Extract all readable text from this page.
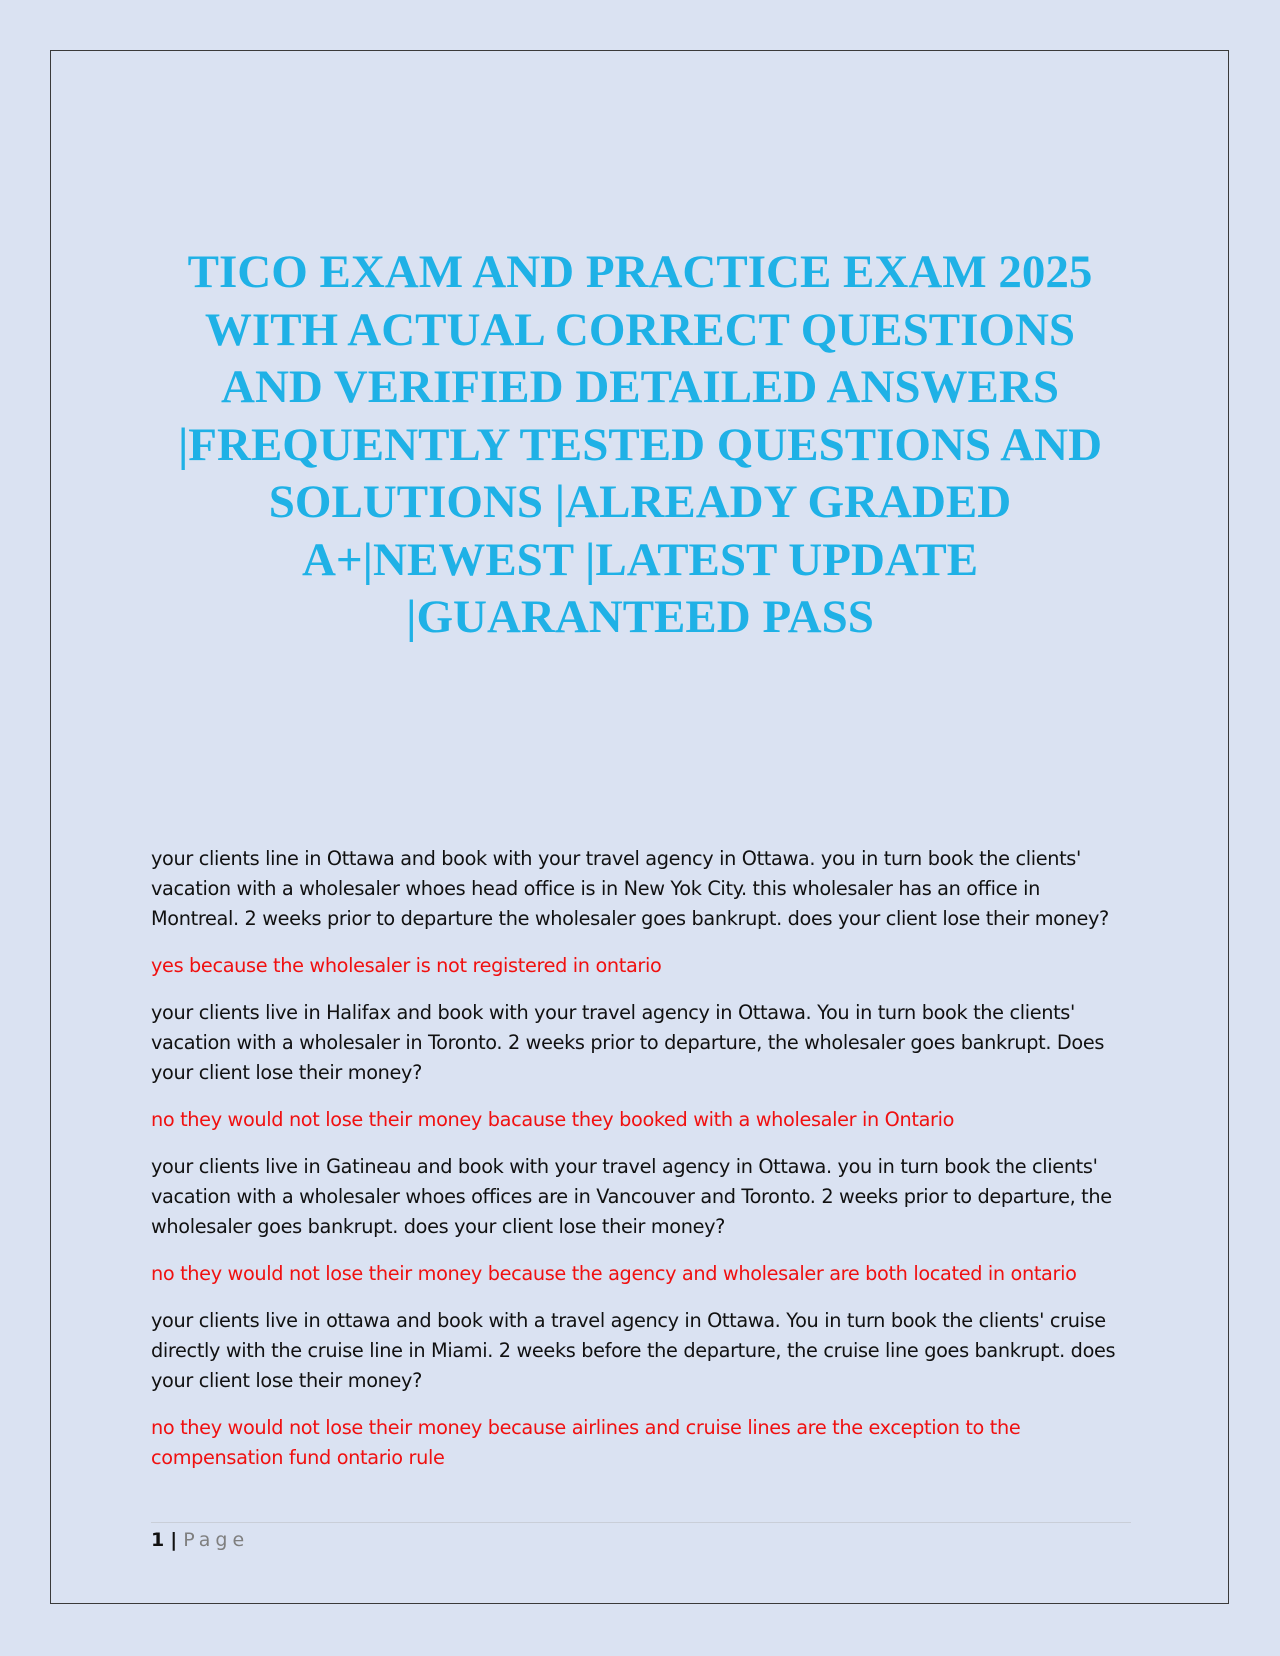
TICO EXAM AND PRACTICE EXAM 2025 WITH ACTUAL CORRECT QUESTIONS AND VERIFIED DETAILED ANSWERS |FREQUENTLY TESTED QUESTIONS AND SOLUTIONS |ALREADY GRADED A+|NEWEST |LATEST UPDATE |GUARANTEED PASS

your clients line in Ottawa and book with your travel agency in Ottawa. you in turn book the clients' vacation with a wholesaler whoes head office is in New Yok City. this wholesaler has an office in Montreal. 2 weeks prior to departure the wholesaler goes bankrupt. does your client lose their money?

yes because the wholesaler is not registered in ontario

your clients live in Halifax and book with your travel agency in Ottawa. You in turn book the clients' vacation with a wholesaler in Toronto. 2 weeks prior to departure, the wholesaler goes bankrupt. Does your client lose their money?

no they would not lose their money bacause they booked with a wholesaler in Ontario

your clients live in Gatineau and book with your travel agency in Ottawa. you in turn book the clients' vacation with a wholesaler whoes offices are in Vancouver and Toronto. 2 weeks prior to departure, the wholesaler goes bankrupt. does your client lose their money?

no they would not lose their money because the agency and wholesaler are both located in ontario

your clients live in ottawa and book with a travel agency in Ottawa. You in turn book the clients' cruise directly with the cruise line in Miami. 2 weeks before the departure, the cruise line goes bankrupt. does your client lose their money?

no they would not lose their money because airlines and cruise lines are the exception to the compensation fund ontario rule

1 | Page
